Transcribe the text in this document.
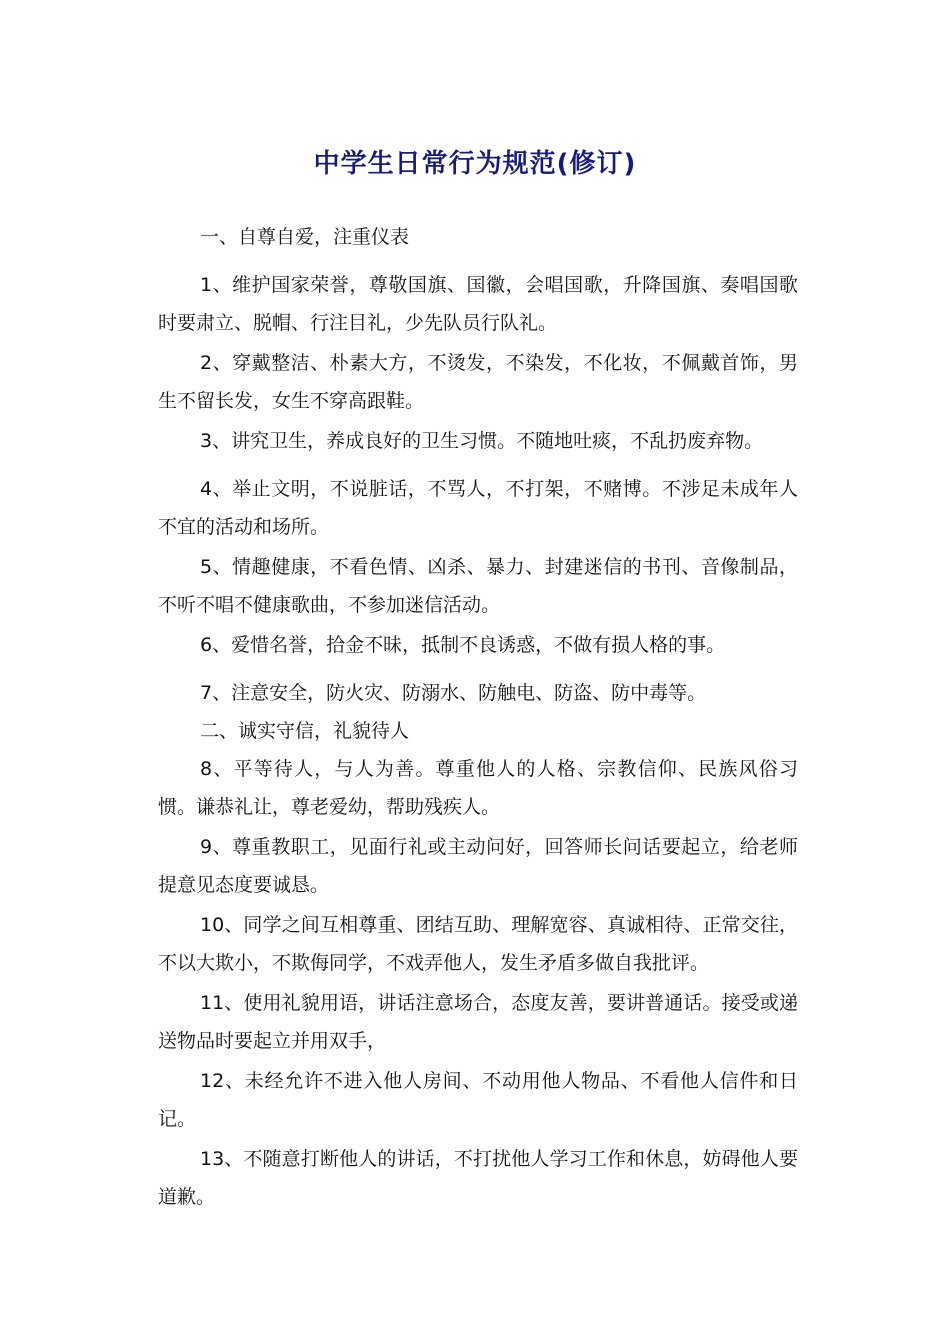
中学生日常行为规范(修订)

一、自尊自爱，注重仪表

1、维护国家荣誉，尊敬国旗、国徽，会唱国歌，升降国旗、奏唱国歌时要肃立、脱帽、行注目礼，少先队员行队礼。

2、穿戴整洁、朴素大方，不烫发，不染发，不化妆，不佩戴首饰，男生不留长发，女生不穿高跟鞋。

3、讲究卫生，养成良好的卫生习惯。不随地吐痰，不乱扔废弃物。

4、举止文明，不说脏话，不骂人，不打架，不赌博。不涉足未成年人不宜的活动和场所。

5、情趣健康，不看色情、凶杀、暴力、封建迷信的书刊、音像制品，不听不唱不健康歌曲，不参加迷信活动。

6、爱惜名誉，拾金不昧，抵制不良诱惑，不做有损人格的事。

7、注意安全，防火灾、防溺水、防触电、防盗、防中毒等。

二、诚实守信，礼貌待人

8、平等待人，与人为善。尊重他人的人格、宗教信仰、民族风俗习惯。谦恭礼让，尊老爱幼，帮助残疾人。

9、尊重教职工，见面行礼或主动问好，回答师长问话要起立，给老师提意见态度要诚恳。

10、同学之间互相尊重、团结互助、理解宽容、真诚相待、正常交往，不以大欺小，不欺侮同学，不戏弄他人，发生矛盾多做自我批评。

11、使用礼貌用语，讲话注意场合，态度友善，要讲普通话。接受或递送物品时要起立并用双手，

12、未经允许不进入他人房间、不动用他人物品、不看他人信件和日记。

13、不随意打断他人的讲话，不打扰他人学习工作和休息，妨碍他人要道歉。
